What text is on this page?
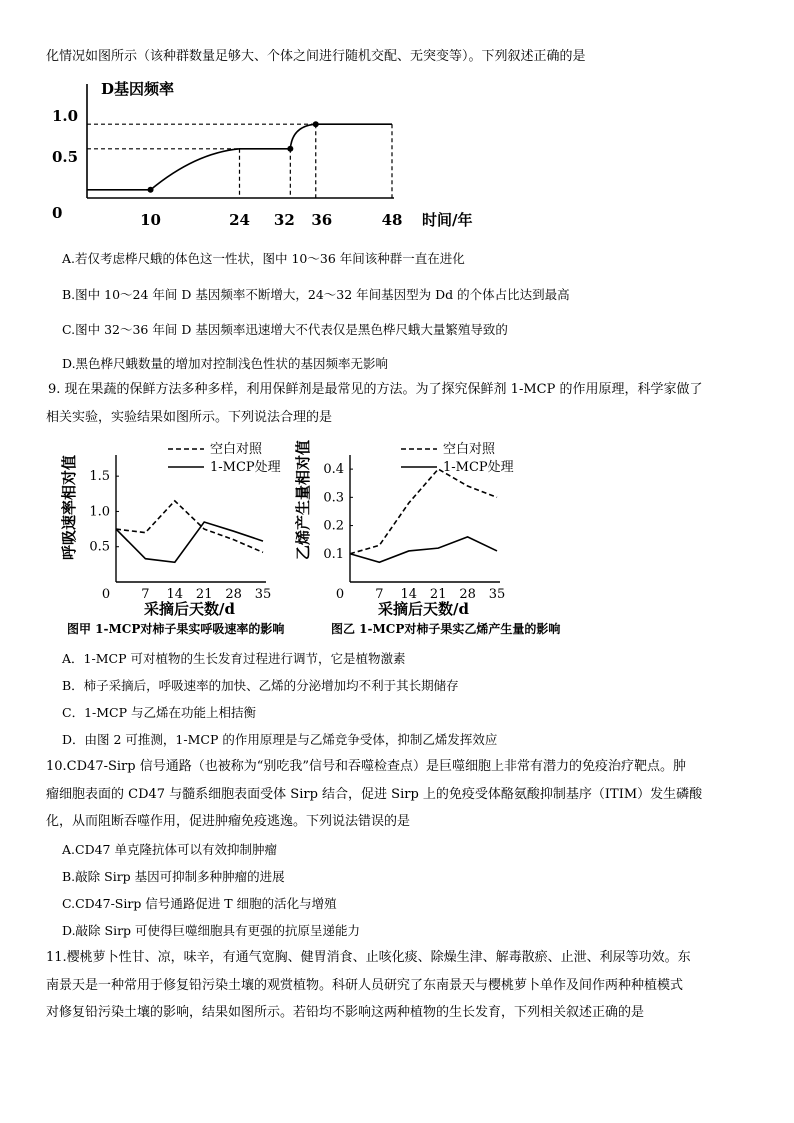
化情况如图所示（该种群数量足够大、个体之间进行随机交配、无突变等）。下列叙述正确的是
D基因频率
时间/年
0
0.5
1.0
10	24 32 36	48
A.若仅考虑桦尺蛾的体色这一性状，图中 10～36 年间该种群一直在进化
B.图中 10～24 年间 D 基因频率不断增大，24～32 年间基因型为 Dd 的个体占比达到最高
C.图中 32～36 年间 D 基因频率迅速增大不代表仅是黑色桦尺蛾大量繁殖导致的
D.黑色桦尺蛾数量的增加对控制浅色性状的基因频率无影响
9. 现在果蔬的保鲜方法多种多样，利用保鲜剂是最常见的方法。为了探究保鲜剂 1-MCP 的作用原理，科学家做了
相关实验，实验结果如图所示。下列说法合理的是
呼吸速率相对值 0.5
1.0
1.5
0 7 14 21 28 35
采摘后天数/d
空白对照
1-MCP处理 乙烯产生量相对值 0.1
0.2
0.3
0.4
0 7 14 21 28 35
采摘后天数/d
空白对照
1-MCP处理
图甲 1-MCP对柿子果实呼吸速率的影响	图乙 1-MCP对柿子果实乙烯产生量的影响
A．1-MCP 可对植物的生长发育过程进行调节，它是植物激素
B．柿子采摘后，呼吸速率的加快、乙烯的分泌增加均不利于其长期储存
C．1-MCP 与乙烯在功能上相拮衡
D．由图 2 可推测，1-MCP 的作用原理是与乙烯竞争受体，抑制乙烯发挥效应
10.CD47-Sirp 信号通路（也被称为“别吃我”信号和吞噬检查点）是巨噬细胞上非常有潜力的免疫治疗靶点。肿
瘤细胞表面的 CD47 与髓系细胞表面受体 Sirp 结合，促进 Sirp 上的免疫受体酪氨酸抑制基序（ITIM）发生磷酸
化，从而阻断吞噬作用，促进肿瘤免疫逃逸。下列说法错误的是
A.CD47 单克隆抗体可以有效抑制肿瘤
B.敲除 Sirp 基因可抑制多种肿瘤的进展
C.CD47-Sirp 信号通路促进 T 细胞的活化与增殖
D.敲除 Sirp 可使得巨噬细胞具有更强的抗原呈递能力
11.樱桃萝卜性甘、凉，味辛，有通气宽胸、健胃消食、止咳化痰、除燥生津、解毒散瘀、止泄、利尿等功效。东
南景天是一种常用于修复铅污染土壤的观赏植物。科研人员研究了东南景天与樱桃萝卜单作及间作两种种植模式
对修复铅污染土壤的影响，结果如图所示。若铅均不影响这两种植物的生长发育，下列相关叙述正确的是
